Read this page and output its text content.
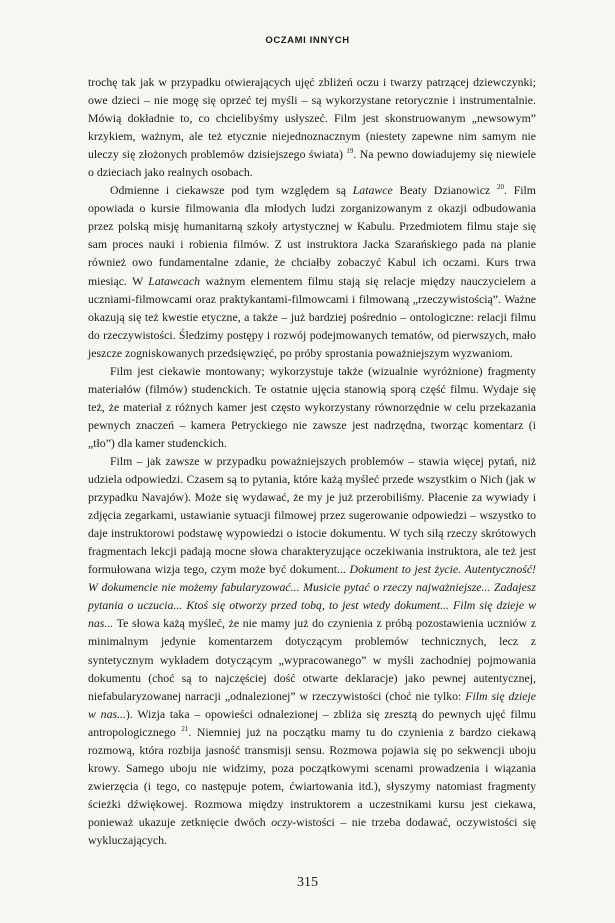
OCZAMI INNYCH

trochę tak jak w przypadku otwierających ujęć zbliżeń oczu i twarzy patrzącej dziewczynki; owe dzieci – nie mogę się oprzeć tej myśli – są wykorzystane retorycznie i instrumentalnie. Mówią dokładnie to, co chcielibyśmy usłyszeć. Film jest skonstruowanym „newsowym” krzykiem, ważnym, ale też etycznie niejednoznacznym (niestety zapewne nim samym nie uleczy się złożonych problemów dzisiejszego świata) $^{19}$. Na pewno dowiadujemy się niewiele o dzieciach jako realnych osobach.

Odmienne i ciekawsze pod tym względem są Latawce Beaty Dzianowicz $^{20}$. Film opowiada o kursie filmowania dla młodych ludzi zorganizowanym z okazji odbudowania przez polską misję humanitarną szkoły artystycznej w Kabulu. Przedmiotem filmu staje się sam proces nauki i robienia filmów. Z ust instruktora Jacka Szarańskiego pada na planie również owo fundamentalne zdanie, że chciałby zobaczyć Kabul ich oczami. Kurs trwa miesiąc. W Latawcach ważnym elementem filmu stają się relacje między nauczycielem a uczniami-filmowcami oraz praktykantami-filmowcami i filmowaną „rzeczywistością”. Ważne okazują się też kwestie etyczne, a także – już bardziej pośrednio – ontologiczne: relacji filmu do rzeczywistości. Śledzimy postępy i rozwój podejmowanych tematów, od pierwszych, mało jeszcze zogniskowanych przedsięwzięć, po próby sprostania poważniejszym wyzwaniom.

Film jest ciekawie montowany; wykorzystuje także (wizualnie wyróżnione) fragmenty materiałów (filmów) studenckich. Te ostatnie ujęcia stanowią sporą część filmu. Wydaje się też, że materiał z różnych kamer jest często wykorzystany równorzędnie w celu przekazania pewnych znaczeń – kamera Petryckiego nie zawsze jest nadrzędna, tworząc komentarz (i „tło”) dla kamer studenckich.

Film – jak zawsze w przypadku poważniejszych problemów – stawia więcej pytań, niż udziela odpowiedzi. Czasem są to pytania, które każą myśleć przede wszystkim o Nich (jak w przypadku Navajów). Może się wydawać, że my je już przerobiliśmy. Płacenie za wywiady i zdjęcia zegarkami, ustawianie sytuacji filmowej przez sugerowanie odpowiedzi – wszystko to daje instruktorowi podstawę wypowiedzi o istocie dokumentu. W tych siłą rzeczy skrótowych fragmentach lekcji padają mocne słowa charakteryzujące oczekiwania instruktora, ale też jest formułowana wizja tego, czym może być dokument... Dokument to jest życie. Autentyczność! W dokumencie nie możemy fabularyzować... Musicie pytać o rzeczy najważniejsze... Zadajesz pytania o uczucia... Ktoś się otworzy przed tobą, to jest wtedy dokument... Film się dzieje w nas... Te słowa każą myśleć, że nie mamy już do czynienia z próbą pozostawienia uczniów z minimalnym jedynie komentarzem dotyczącym problemów technicznych, lecz z syntetycznym wykładem dotyczącym „wypracowanego” w myśli zachodniej pojmowania dokumentu (choć są to najczęściej dość otwarte deklaracje) jako pewnej autentycznej, niefabularyzowanej narracji „odnalezionej” w rzeczywistości (choć nie tylko: Film się dzieje w nas...). Wizja taka – opowieści odnalezionej – zbliża się zresztą do pewnych ujęć filmu antropologicznego $^{21}$. Niemniej już na początku mamy tu do czynienia z bardzo ciekawą rozmową, która rozbija jasność transmisji sensu. Rozmowa pojawia się po sekwencji uboju krowy. Samego uboju nie widzimy, poza początkowymi scenami prowadzenia i wiązania zwierzęcia (i tego, co następuje potem, ćwiartowania itd.), słyszymy natomiast fragmenty ścieżki dźwiękowej. Rozmowa między instruktorem a uczestnikami kursu jest ciekawa, ponieważ ukazuje zetknięcie dwóch oczy-wistości – nie trzeba dodawać, oczywistości się wykluczających.

315
